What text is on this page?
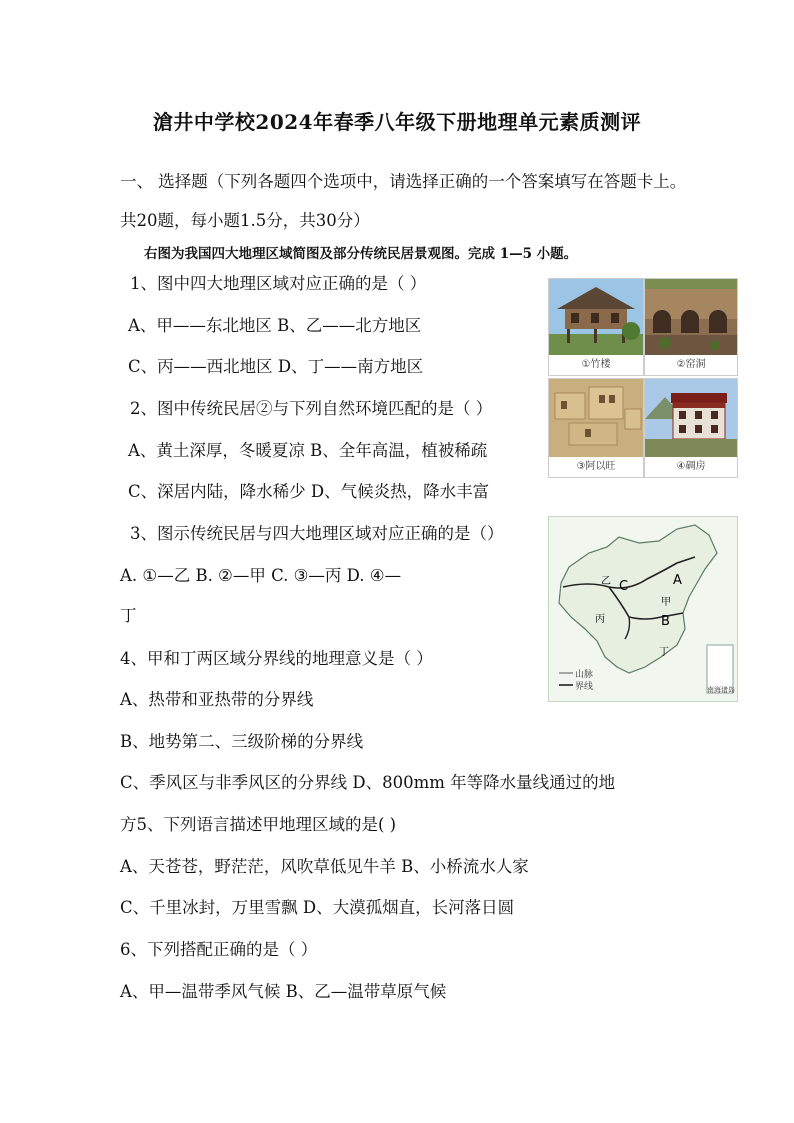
滄井中学校2024年春季八年级下册地理单元素质测评
一、 选择题（下列各题四个选项中，请选择正确的一个答案填写在答题卡上。
共20题，每小题1.5分，共30分）
右图为我国四大地理区域简图及部分传统民居景观图。完成 1—5 小题。
1、图中四大地理区域对应正确的是（ ）
A、甲——东北地区 B、乙——北方地区
C、丙——西北地区 D、丁——南方地区
2、图中传统民居②与下列自然环境匹配的是（ ）
A、黄土深厚，冬暖夏凉 B、全年高温，植被稀疏
C、深居内陆，降水稀少 D、气候炎热，降水丰富
3、图示传统民居与四大地理区域对应正确的是（）
A. ①—乙 B. ②—甲 C. ③—丙 D. ④—
丁
4、甲和丁两区域分界线的地理意义是（ ）
A、热带和亚热带的分界线
B、地势第二、三级阶梯的分界线
C、季风区与非季风区的分界线 D、800mm 年等降水量线通过的地
方5、下列语言描述甲地理区域的是( )
A、天苍苍，野茫茫，风吹草低见牛羊 B、小桥流水人家
C、千里冰封，万里雪飘 D、大漠孤烟直，长河落日圆
6、下列搭配正确的是（ ）
A、甲—温带季风气候 B、乙—温带草原气候
①竹楼	②窑洞
③阿以旺	④碉房
乙
甲
丙
丁
A
B
C
山脉
界线	南海诸岛
